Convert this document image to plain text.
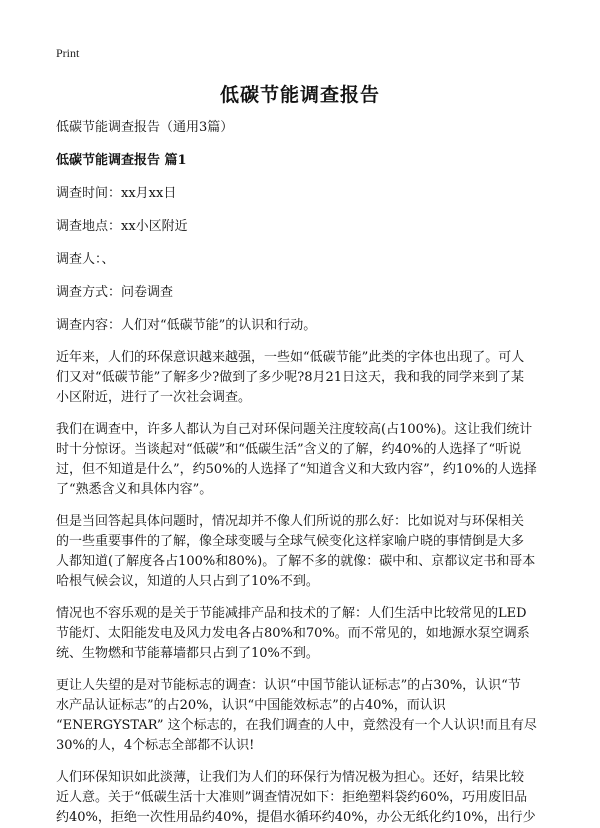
Print
低碳节能调查报告

低碳节能调查报告（通用3篇）

低碳节能调查报告 篇1

调查时间：xx月xx日

调查地点：xx小区附近

调查人：、

调查方式：问卷调查

调查内容：人们对“低碳节能”的认识和行动。

近年来，人们的环保意识越来越强，一些如“低碳节能”此类的字体也出现了。可人
们又对“低碳节能”了解多少?做到了多少呢?8月21日这天，我和我的同学来到了某
小区附近，进行了一次社会调查。

我们在调查中，许多人都认为自己对环保问题关注度较高(占100%)。这让我们统计
时十分惊讶。当谈起对“低碳”和“低碳生活”含义的了解，约40%的人选择了“听说
过，但不知道是什么”，约50%的人选择了“知道含义和大致内容”，约10%的人选择
了“熟悉含义和具体内容”。

但是当回答起具体问题时，情况却并不像人们所说的那么好：比如说对与环保相关
的一些重要事件的了解，像全球变暖与全球气候变化这样家喻户晓的事情倒是大多
人都知道(了解度各占100%和80%)。了解不多的就像：碳中和、京都议定书和哥本
哈根气候会议，知道的人只占到了10%不到。

情况也不容乐观的是关于节能减排产品和技术的了解：人们生活中比较常见的LED
节能灯、太阳能发电及风力发电各占80%和70%。而不常见的，如地源水泵空调系
统、生物燃和节能幕墙都只占到了10%不到。

更让人失望的是对节能标志的调查：认识“中国节能认证标志”的占30%，认识“节
水产品认证标志”的占20%，认识“中国能效标志”的占40%，而认识
“ENERGYSTAR” 这个标志的，在我们调查的人中，竟然没有一个人认识!而且有尽
30%的人，4个标志全部都不认识!

人们环保知识如此淡薄，让我们为人们的环保行为情况极为担心。还好，结果比较
近人意。关于“低碳生活十大准则”调查情况如下：拒绝塑料袋约60%，巧用废旧品
约40%，拒绝一次性用品约40%，提倡水循环约40%，办公无纸化约10%，出行少
